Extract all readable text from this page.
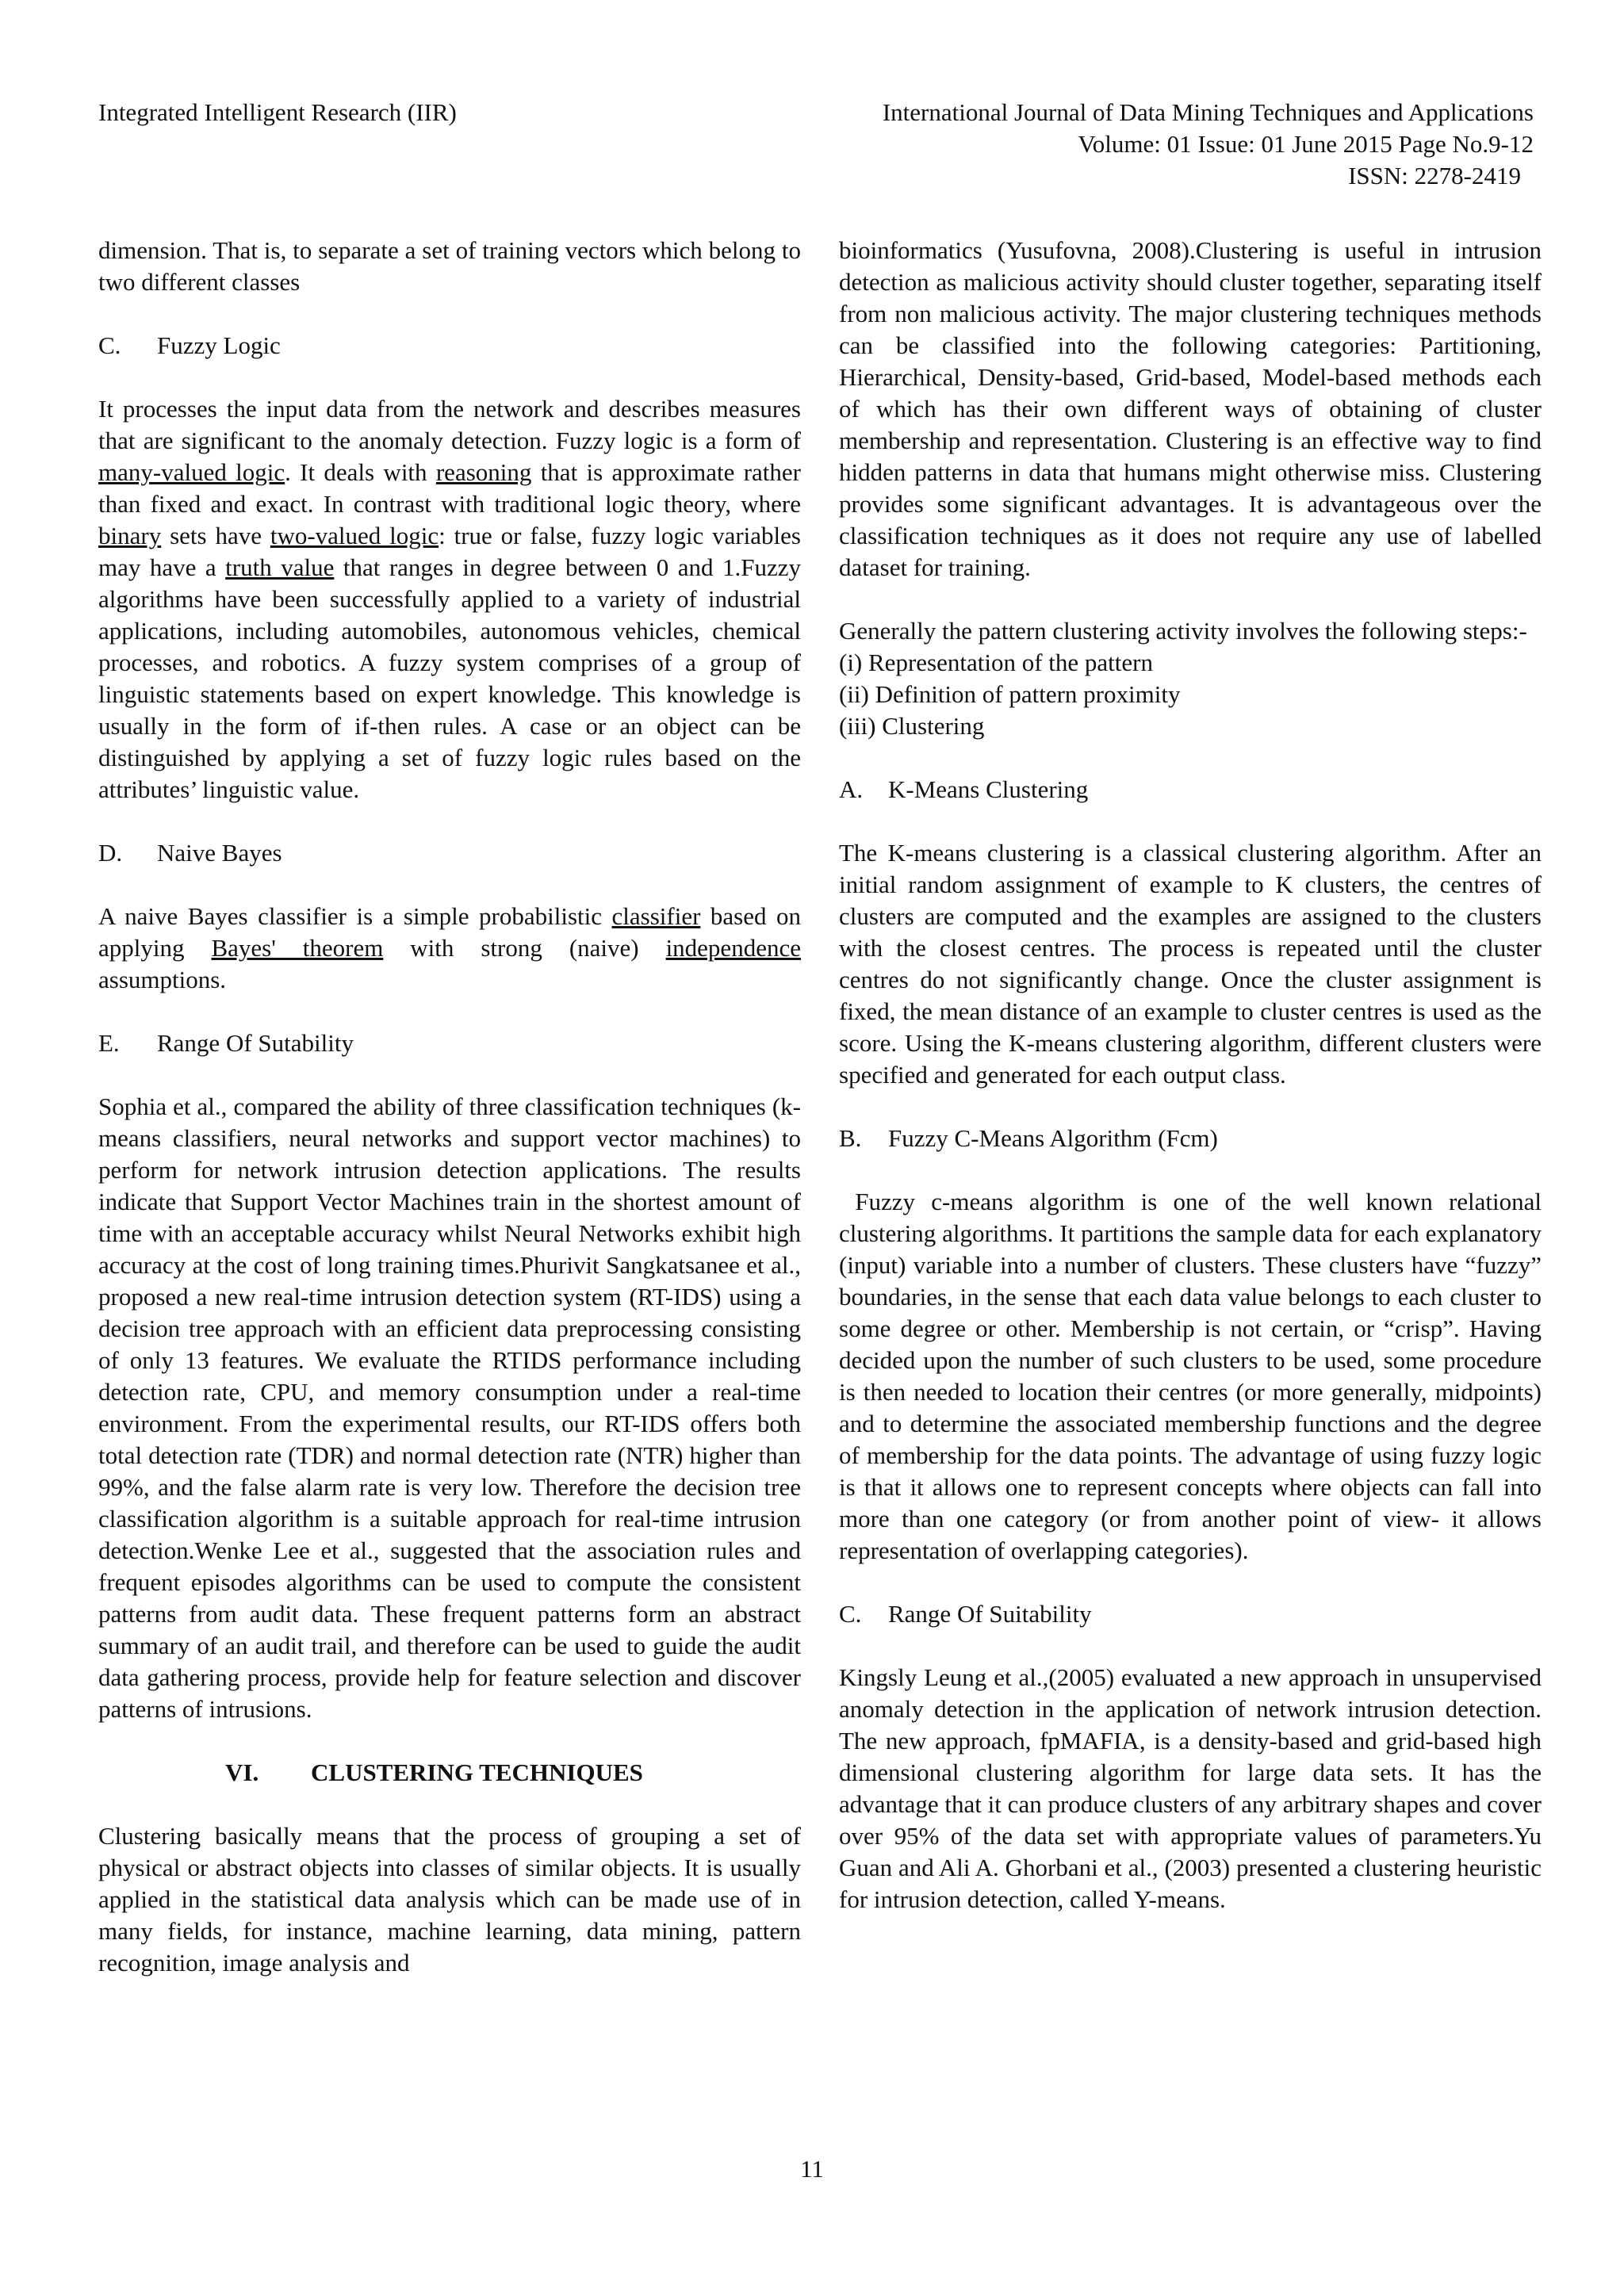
Integrated Intelligent Research (IIR)	International Journal of Data Mining Techniques and Applications
Volume: 01 Issue: 01 June 2015 Page No.9-12
ISSN: 2278-2419

dimension. That is, to separate a set of training vectors which belong to two different classes

C. Fuzzy Logic

It processes the input data from the network and describes measures that are significant to the anomaly detection. Fuzzy logic is a form of many-valued logic. It deals with reasoning that is approximate rather than fixed and exact. In contrast with traditional logic theory, where binary sets have two-valued logic: true or false, fuzzy logic variables may have a truth value that ranges in degree between 0 and 1.Fuzzy algorithms have been successfully applied to a variety of industrial applications, including automobiles, autonomous vehicles, chemical processes, and robotics. A fuzzy system comprises of a group of linguistic statements based on expert knowledge. This knowledge is usually in the form of if-then rules. A case or an object can be distinguished by applying a set of fuzzy logic rules based on the attributes’ linguistic value.

D. Naive Bayes

A naive Bayes classifier is a simple probabilistic classifier based on applying Bayes' theorem with strong (naive) independence assumptions.

E. Range Of Sutability

Sophia et al., compared the ability of three classification techniques (k-means classifiers, neural networks and support vector machines) to perform for network intrusion detection applications. The results indicate that Support Vector Machines train in the shortest amount of time with an acceptable accuracy whilst Neural Networks exhibit high accuracy at the cost of long training times.Phurivit Sangkatsanee et al., proposed a new real-time intrusion detection system (RT-IDS) using a decision tree approach with an efficient data preprocessing consisting of only 13 features. We evaluate the RTIDS performance including detection rate, CPU, and memory consumption under a real-time environment. From the experimental results, our RT-IDS offers both total detection rate (TDR) and normal detection rate (NTR) higher than 99%, and the false alarm rate is very low. Therefore the decision tree classification algorithm is a suitable approach for real-time intrusion detection.Wenke Lee et al., suggested that the association rules and frequent episodes algorithms can be used to compute the consistent patterns from audit data. These frequent patterns form an abstract summary of an audit trail, and therefore can be used to guide the audit data gathering process, provide help for feature selection and discover patterns of intrusions.

VI. CLUSTERING TECHNIQUES

Clustering basically means that the process of grouping a set of physical or abstract objects into classes of similar objects. It is usually applied in the statistical data analysis which can be made use of in many fields, for instance, machine learning, data mining, pattern recognition, image analysis and

bioinformatics (Yusufovna, 2008).Clustering is useful in intrusion detection as malicious activity should cluster together, separating itself from non malicious activity. The major clustering techniques methods can be classified into the following categories: Partitioning, Hierarchical, Density-based, Grid-based, Model-based methods each of which has their own different ways of obtaining of cluster membership and representation. Clustering is an effective way to find hidden patterns in data that humans might otherwise miss. Clustering provides some significant advantages. It is advantageous over the classification techniques as it does not require any use of labelled dataset for training.

Generally the pattern clustering activity involves the following steps:-

(i) Representation of the pattern
(ii) Definition of pattern proximity
(iii) Clustering
A. K-Means Clustering

The K-means clustering is a classical clustering algorithm. After an initial random assignment of example to K clusters, the centres of clusters are computed and the examples are assigned to the clusters with the closest centres. The process is repeated until the cluster centres do not significantly change. Once the cluster assignment is fixed, the mean distance of an example to cluster centres is used as the score. Using the K-means clustering algorithm, different clusters were specified and generated for each output class.

B. Fuzzy C-Means Algorithm (Fcm)

Fuzzy c-means algorithm is one of the well known relational clustering algorithms. It partitions the sample data for each explanatory (input) variable into a number of clusters. These clusters have “fuzzy” boundaries, in the sense that each data value belongs to each cluster to some degree or other. Membership is not certain, or “crisp”. Having decided upon the number of such clusters to be used, some procedure is then needed to location their centres (or more generally, midpoints) and to determine the associated membership functions and the degree of membership for the data points. The advantage of using fuzzy logic is that it allows one to represent concepts where objects can fall into more than one category (or from another point of view- it allows representation of overlapping categories).

C. Range Of Suitability

Kingsly Leung et al.,(2005) evaluated a new approach in unsupervised anomaly detection in the application of network intrusion detection. The new approach, fpMAFIA, is a density-based and grid-based high dimensional clustering algorithm for large data sets. It has the advantage that it can produce clusters of any arbitrary shapes and cover over 95% of the data set with appropriate values of parameters.Yu Guan and Ali A. Ghorbani et al., (2003) presented a clustering heuristic for intrusion detection, called Y-means.

11
